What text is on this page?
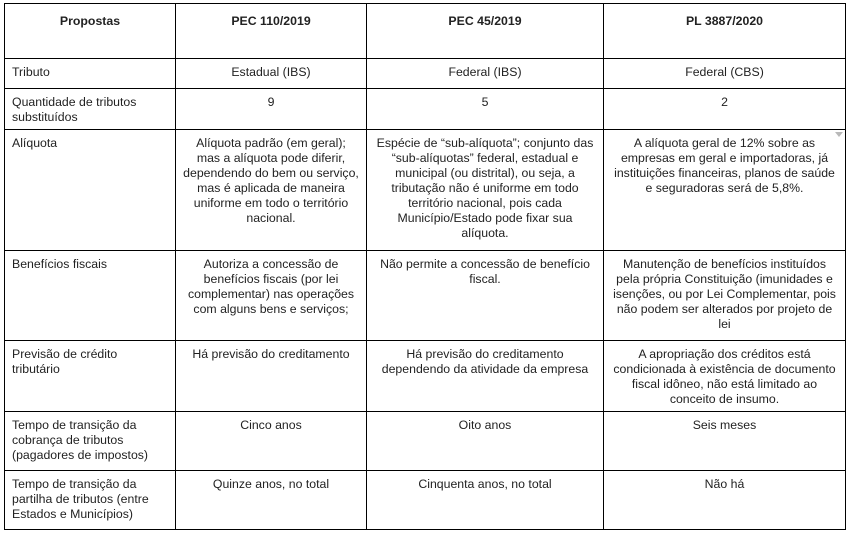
Propostas	PEC 110/2019	PEC 45/2019	PL 3887/2020
Tributo	Estadual (IBS)	Federal (IBS)	Federal (CBS)
Quantidade de tributos substituídos	9	5	2
Alíquota	Alíquota padrão (em geral); mas a alíquota pode diferir, dependendo do bem ou serviço, mas é aplicada de maneira uniforme em todo o território nacional.	Espécie de “sub-alíquota”; conjunto das “sub-alíquotas” federal, estadual e municipal (ou distrital), ou seja, a tributação não é uniforme em todo território nacional, pois cada Município/Estado pode fixar sua alíquota.	A alíquota geral de 12% sobre as empresas em geral e importadoras, já instituições financeiras, planos de saúde e seguradoras será de 5,8%.

Benefícios fiscais	Autoriza a concessão de benefícios fiscais (por lei complementar) nas operações com alguns bens e serviços;	Não permite a concessão de benefício fiscal.	Manutenção de benefícios instituídos pela própria Constituição (imunidades e isenções, ou por Lei Complementar, pois não podem ser alterados por projeto de lei
Previsão de crédito tributário	Há previsão do creditamento	Há previsão do creditamento dependendo da atividade da empresa	A apropriação dos créditos está condicionada à existência de documento fiscal idôneo, não está limitado ao conceito de insumo.
Tempo de transição da cobrança de tributos (pagadores de impostos)	Cinco anos	Oito anos	Seis meses
Tempo de transição da partilha de tributos (entre Estados e Municípios)	Quinze anos, no total	Cinquenta anos, no total	Não há
